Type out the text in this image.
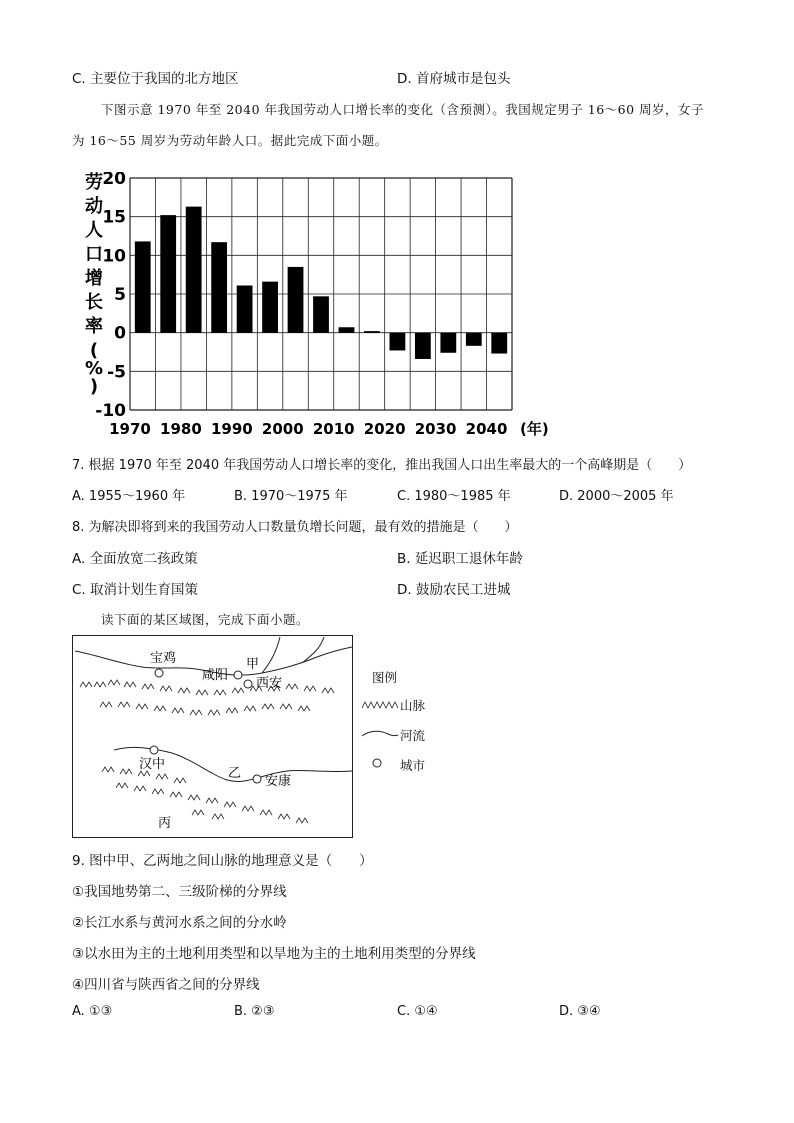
C. 主要位于我国的北方地区	D. 首府城市是包头
下图示意 1970 年至 2040 年我国劳动人口增长率的变化（含预测）。我国规定男子 16～60 周岁，女子
为 16～55 周岁为劳动年龄人口。据此完成下面小题。
20
15
10
5
0
-5
-10
1970 1980 1990 2000 2010 2020 2030 2040 (年)
劳
动
人
口
增
长
率
(
%
)
7. 根据 1970 年至 2040 年我国劳动人口增长率的变化，推出我国人口出生率最大的一个高峰期是（　　）
A. 1955～1960 年	B. 1970～1975 年	C. 1980～1985 年	D. 2000～2005 年
8. 为解决即将到来的我国劳动人口数量负增长问题，最有效的措施是（　　）
A. 全面放宽二孩政策	B. 延迟职工退休年龄
C. 取消计划生育国策	D. 鼓励农民工进城
读下面的某区域图，完成下面小题。
宝鸡
咸阳
甲
西安
汉中
乙
安康
丙
图例
山脉
河流
城市
9. 图中甲、乙两地之间山脉的地理意义是（　　）
①我国地势第二、三级阶梯的分界线
②长江水系与黄河水系之间的分水岭
③以水田为主的土地利用类型和以旱地为主的土地利用类型的分界线
④四川省与陕西省之间的分界线
A. ①③	B. ②③	C. ①④	D. ③④
